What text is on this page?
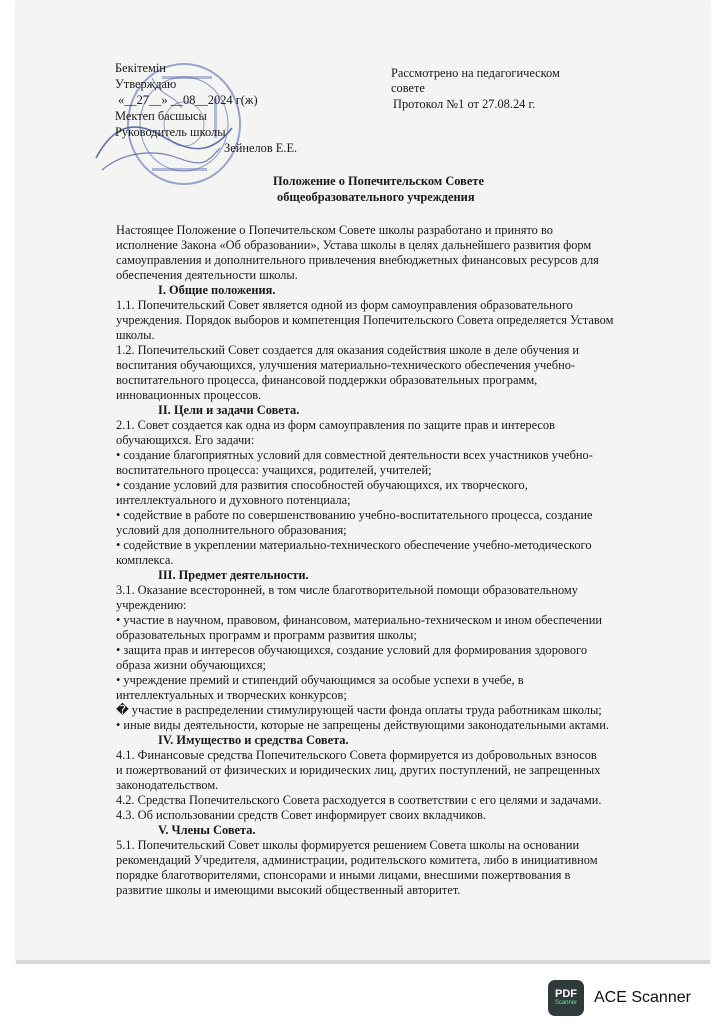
Бекітемін
Утверждаю
«__27__» __08__2024 г(ж)
Мектеп басшысы
Руководитель школы
Зейнелов Е.Е.
Рассмотрено на педагогическом
совете
Протокол №1 от 27.08.24 г.
Положение о Попечительском Совете
общеобразовательного учреждения
Настоящее Положение о Попечительском Совете школы разработано и принято во
исполнение Закона «Об образовании», Устава школы в целях дальнейшего развития форм
самоуправления и дополнительного привлечения внебюджетных финансовых ресурсов для
обеспечения деятельности школы.
I. Общие положения.
1.1. Попечительский Совет является одной из форм самоуправления образовательного
учреждения. Порядок выборов и компетенция Попечительского Совета определяется Уставом
школы.
1.2. Попечительский Совет создается для оказания содействия школе в деле обучения и
воспитания обучающихся, улучшения материально-технического обеспечения учебно-
воспитательного процесса, финансовой поддержки образовательных программ,
инновационных процессов.
II. Цели и задачи Совета.
2.1. Совет создается как одна из форм самоуправления по защите прав и интересов
обучающихся. Его задачи:
• создание благоприятных условий для совместной деятельности всех участников учебно-
воспитательного процесса: учащихся, родителей, учителей;
• создание условий для развития способностей обучающихся, их творческого,
интеллектуального и духовного потенциала;
• содействие в работе по совершенствованию учебно-воспитательного процесса, создание
условий для дополнительного образования;
• содействие в укреплении материально-технического обеспечение учебно-методического
комплекса.
III. Предмет деятельности.
3.1. Оказание всесторонней, в том числе благотворительной помощи образовательному
учреждению:
• участие в научном, правовом, финансовом, материально-техническом и ином обеспечении
образовательных программ и программ развития школы;
• защита прав и интересов обучающихся, создание условий для формирования здорового
образа жизни обучающихся;
• учреждение премий и стипендий обучающимся за особые успехи в учебе, в
интеллектуальных и творческих конкурсов;
� участие в распределении стимулирующей части фонда оплаты труда работникам школы;
• иные виды деятельности, которые не запрещены действующими законодательными актами.
IV. Имущество и средства Совета.
4.1. Финансовые средства Попечительского Совета формируется из добровольных взносов
и пожертвований от физических и юридических лиц, других поступлений, не запрещенных
законодательством.
4.2. Средства Попечительского Совета расходуется в соответствии с его целями и задачами.
4.3. Об использовании средств Совет информирует своих вкладчиков.
V. Члены Совета.
5.1. Попечительский Совет школы формируется решением Совета школы на основании
рекомендаций Учредителя, администрации, родительского комитета, либо в инициативном
порядке благотворителями, спонсорами и иными лицами, внесшими пожертвования в
развитие школы и имеющими высокий общественный авторитет.
PDF
Scanner ACE Scanner
